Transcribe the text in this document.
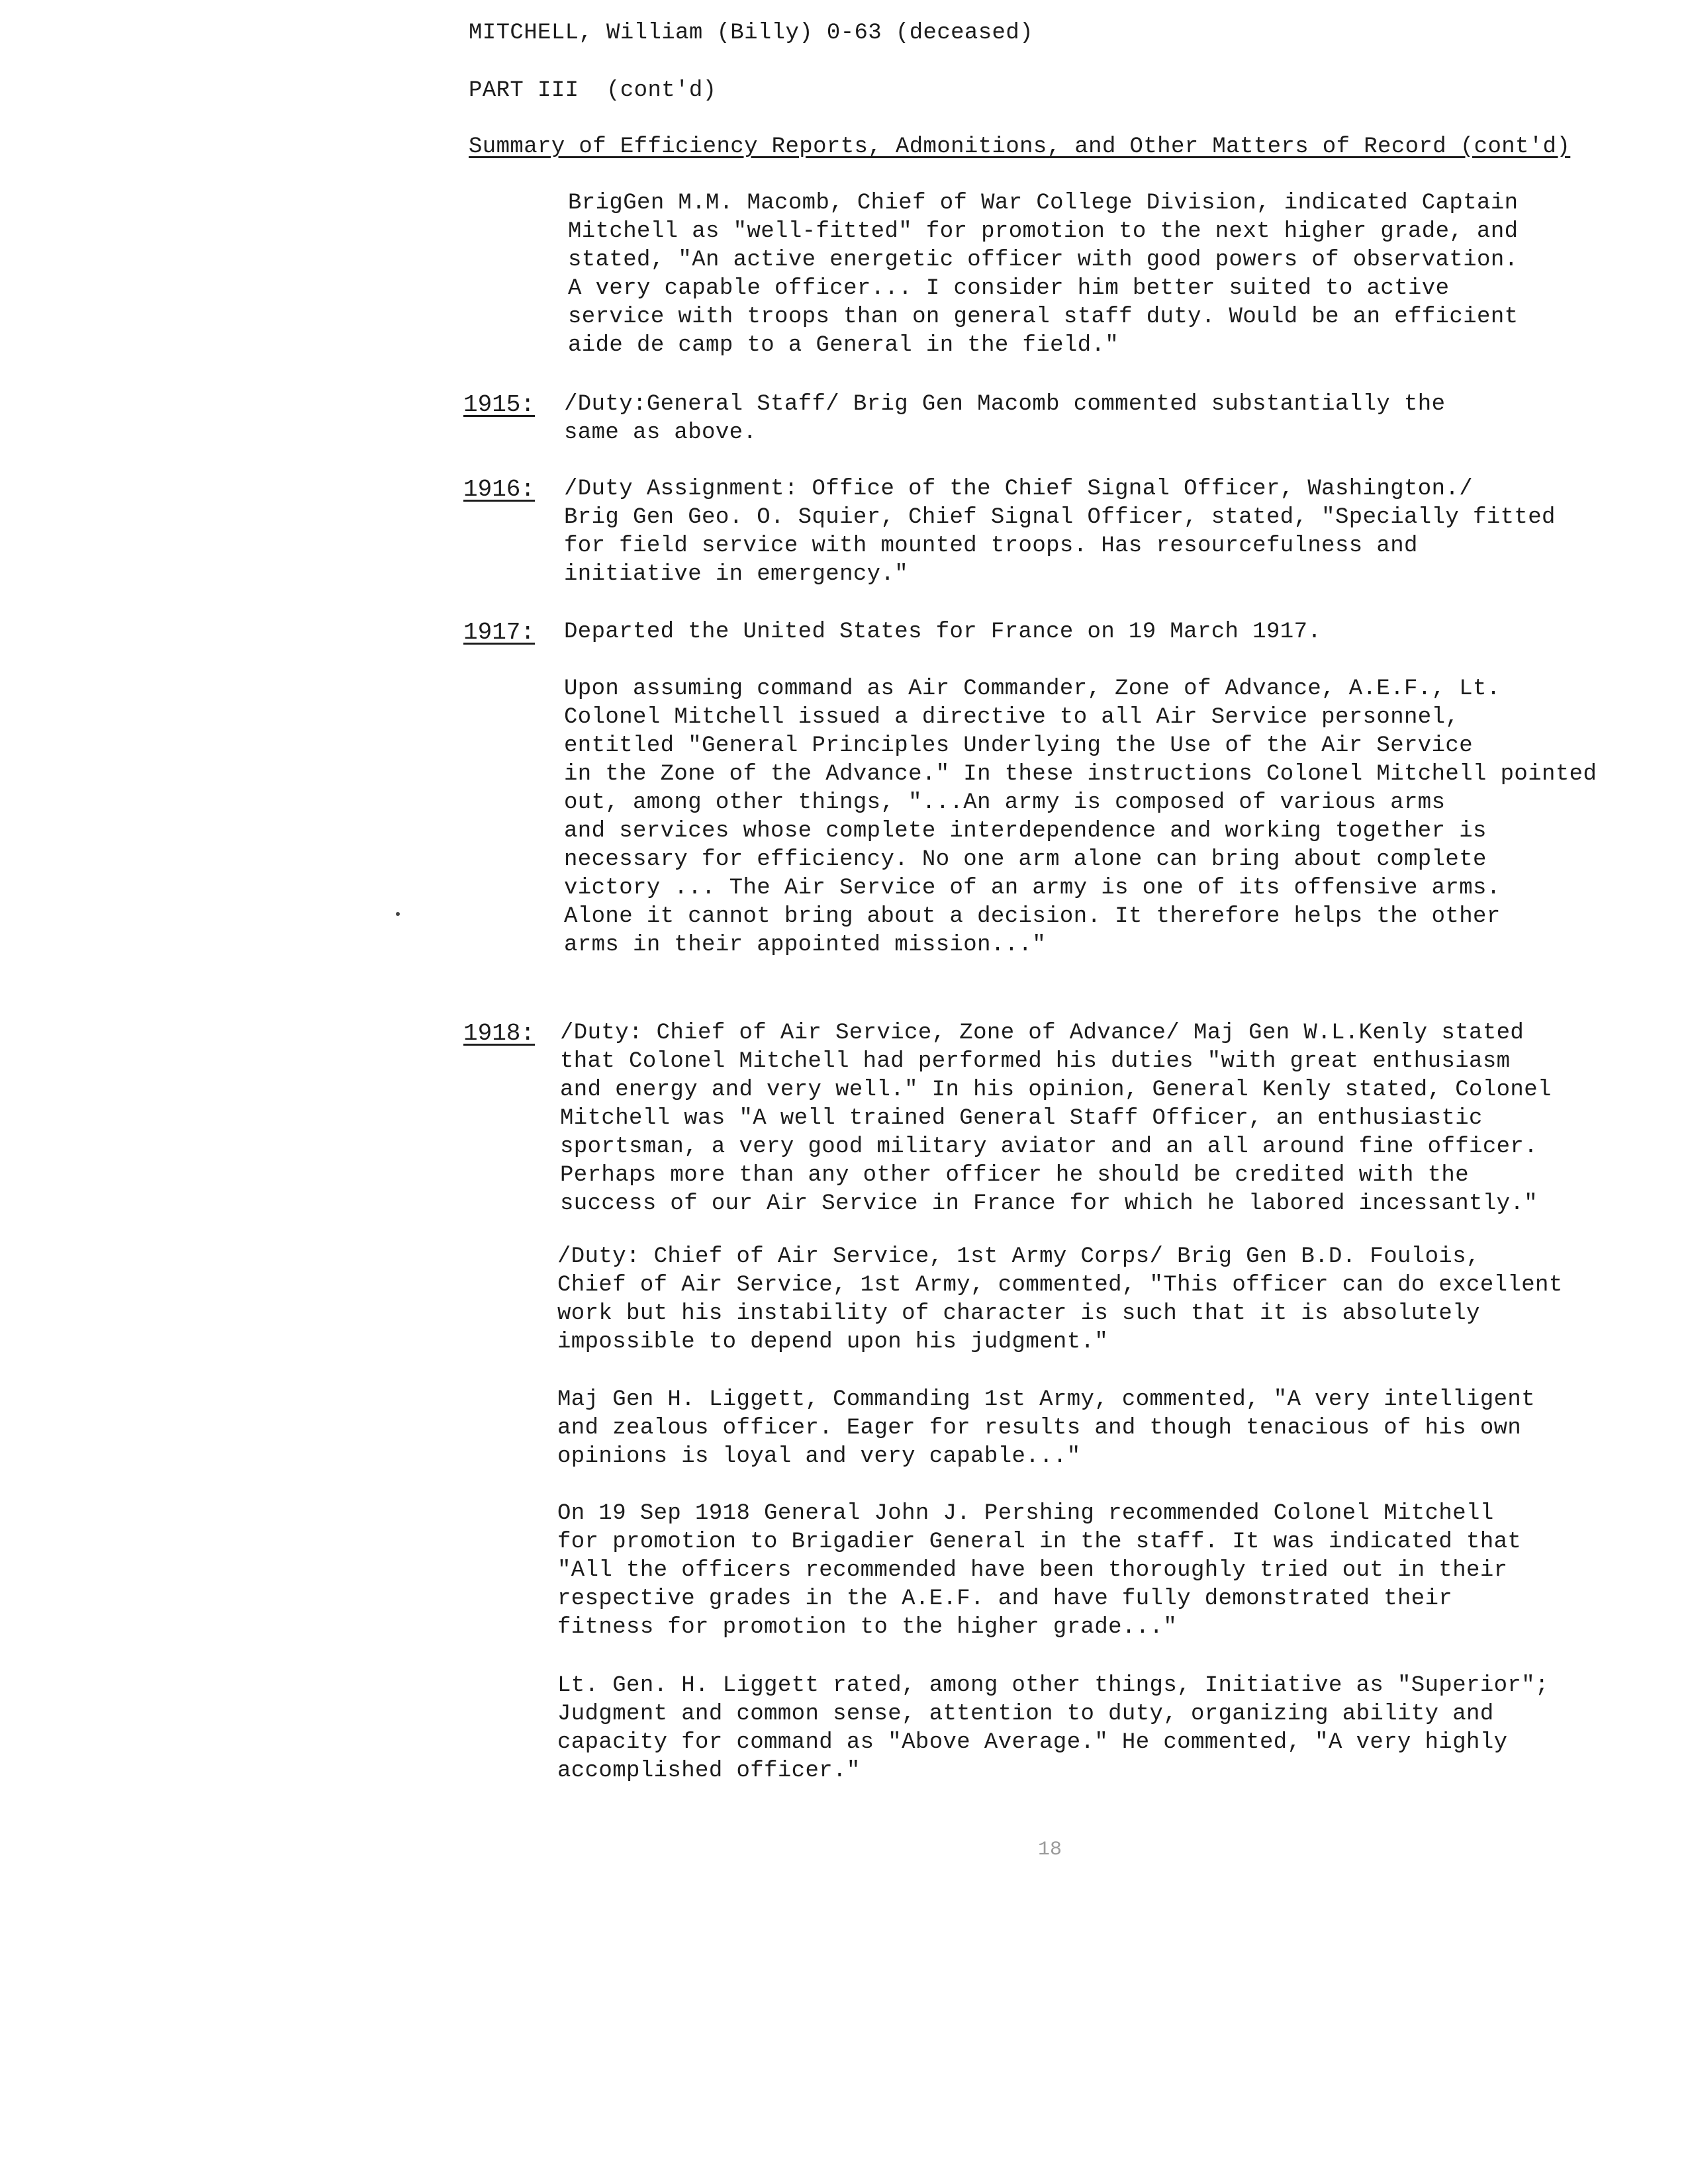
MITCHELL, William (Billy) 0-63 (deceased)
PART III  (cont'd)
Summary of Efficiency Reports, Admonitions, and Other Matters of Record (cont'd)

BrigGen M.M. Macomb, Chief of War College Division, indicated Captain
Mitchell as "well-fitted" for promotion to the next higher grade, and
stated, "An active energetic officer with good powers of observation.
A very capable officer... I consider him better suited to active
service with troops than on general staff duty. Would be an efficient
aide de camp to a General in the field."

1915: /Duty:General Staff/ Brig Gen Macomb commented substantially the
same as above.

1916: /Duty Assignment: Office of the Chief Signal Officer, Washington./
Brig Gen Geo. O. Squier, Chief Signal Officer, stated, "Specially fitted
for field service with mounted troops. Has resourcefulness and
initiative in emergency."

1917: Departed the United States for France on 19 March 1917.

Upon assuming command as Air Commander, Zone of Advance, A.E.F., Lt.
Colonel Mitchell issued a directive to all Air Service personnel,
entitled "General Principles Underlying the Use of the Air Service
in the Zone of the Advance." In these instructions Colonel Mitchell pointed
out, among other things, "...An army is composed of various arms
and services whose complete interdependence and working together is
necessary for efficiency. No one arm alone can bring about complete
victory ... The Air Service of an army is one of its offensive arms.
Alone it cannot bring about a decision. It therefore helps the other
arms in their appointed mission..."

1918: /Duty: Chief of Air Service, Zone of Advance/ Maj Gen W.L.Kenly stated
that Colonel Mitchell had performed his duties "with great enthusiasm
and energy and very well." In his opinion, General Kenly stated, Colonel
Mitchell was "A well trained General Staff Officer, an enthusiastic
sportsman, a very good military aviator and an all around fine officer.
Perhaps more than any other officer he should be credited with the
success of our Air Service in France for which he labored incessantly."

/Duty: Chief of Air Service, 1st Army Corps/ Brig Gen B.D. Foulois,
Chief of Air Service, 1st Army, commented, "This officer can do excellent
work but his instability of character is such that it is absolutely
impossible to depend upon his judgment."

Maj Gen H. Liggett, Commanding 1st Army, commented, "A very intelligent
and zealous officer. Eager for results and though tenacious of his own
opinions is loyal and very capable..."

On 19 Sep 1918 General John J. Pershing recommended Colonel Mitchell
for promotion to Brigadier General in the staff. It was indicated that
"All the officers recommended have been thoroughly tried out in their
respective grades in the A.E.F. and have fully demonstrated their
fitness for promotion to the higher grade..."

Lt. Gen. H. Liggett rated, among other things, Initiative as "Superior";
Judgment and common sense, attention to duty, organizing ability and
capacity for command as "Above Average." He commented, "A very highly
accomplished officer."

18
